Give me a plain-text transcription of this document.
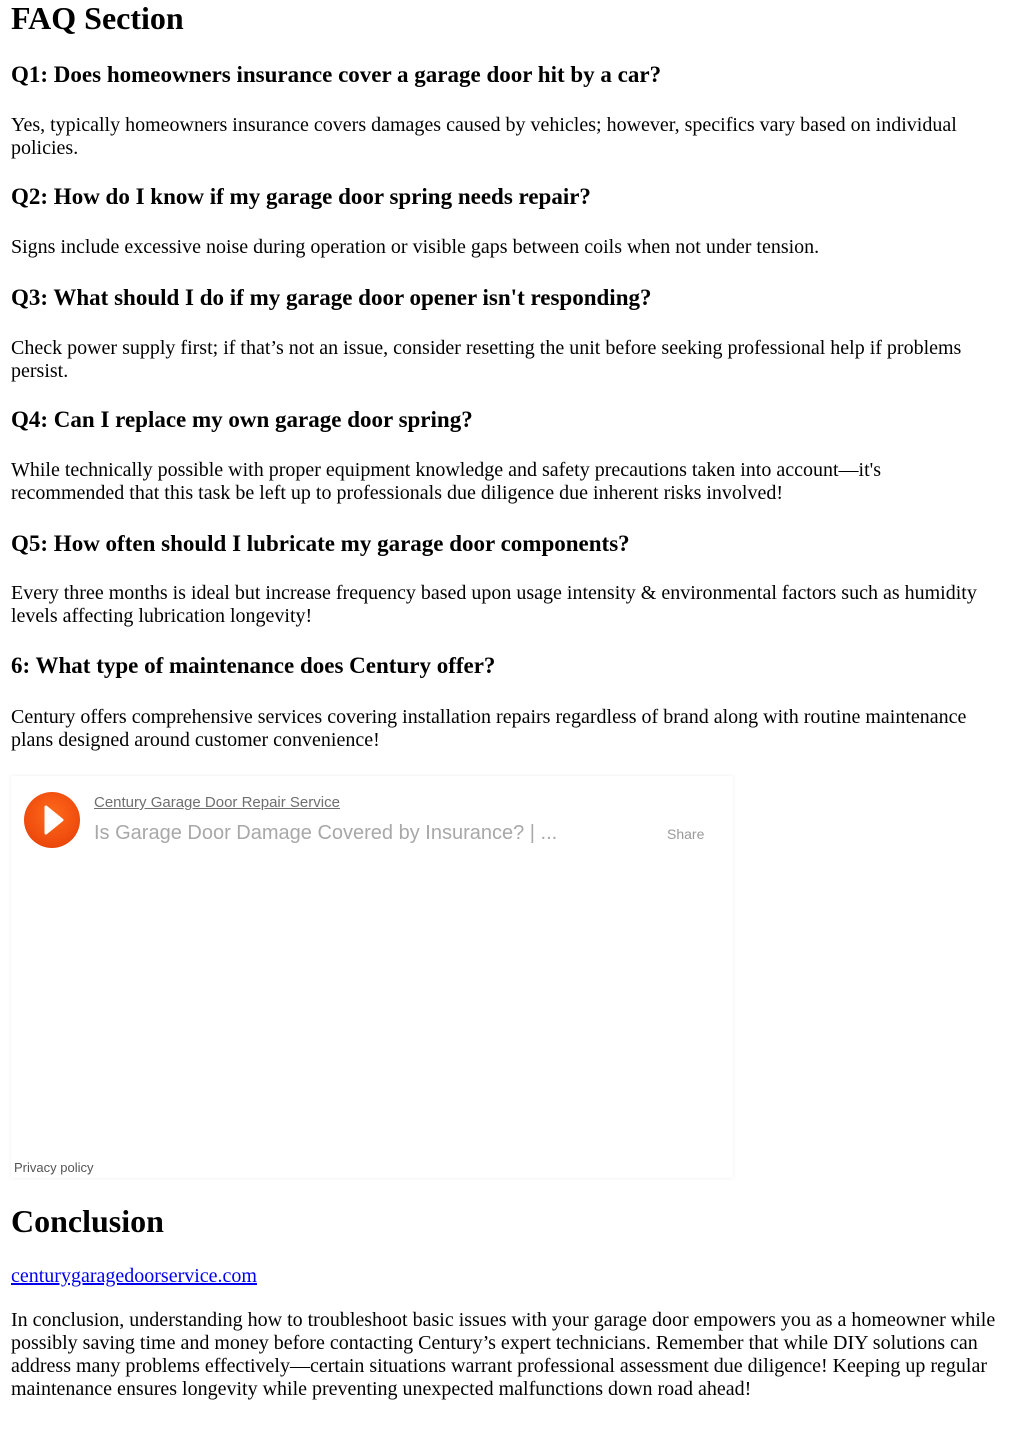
FAQ Section
Q1: Does homeowners insurance cover a garage door hit by a car?

Yes, typically homeowners insurance covers damages caused by vehicles; however, specifics vary based on individual policies.

Q2: How do I know if my garage door spring needs repair?

Signs include excessive noise during operation or visible gaps between coils when not under tension.

Q3: What should I do if my garage door opener isn't responding?

Check power supply first; if that’s not an issue, consider resetting the unit before seeking professional help if problems persist.

Q4: Can I replace my own garage door spring?

While technically possible with proper equipment knowledge and safety precautions taken into account—it's recommended that this task be left up to professionals due diligence due inherent risks involved!

Q5: How often should I lubricate my garage door components?

Every three months is ideal but increase frequency based upon usage intensity & environmental factors such as humidity levels affecting lubrication longevity!

6: What type of maintenance does Century offer?

Century offers comprehensive services covering installation repairs regardless of brand along with routine maintenance plans designed around customer convenience!

Century Garage Door Repair Service
Is Garage Door Damage Covered by Insurance? | ...	Share
Privacy policy
Conclusion
centurygaragedoorservice.com

In conclusion, understanding how to troubleshoot basic issues with your garage door empowers you as a homeowner while possibly saving time and money before contacting Century’s expert technicians. Remember that while DIY solutions can address many problems effectively—certain situations warrant professional assessment due diligence! Keeping up regular maintenance ensures longevity while preventing unexpected malfunctions down road ahead!
